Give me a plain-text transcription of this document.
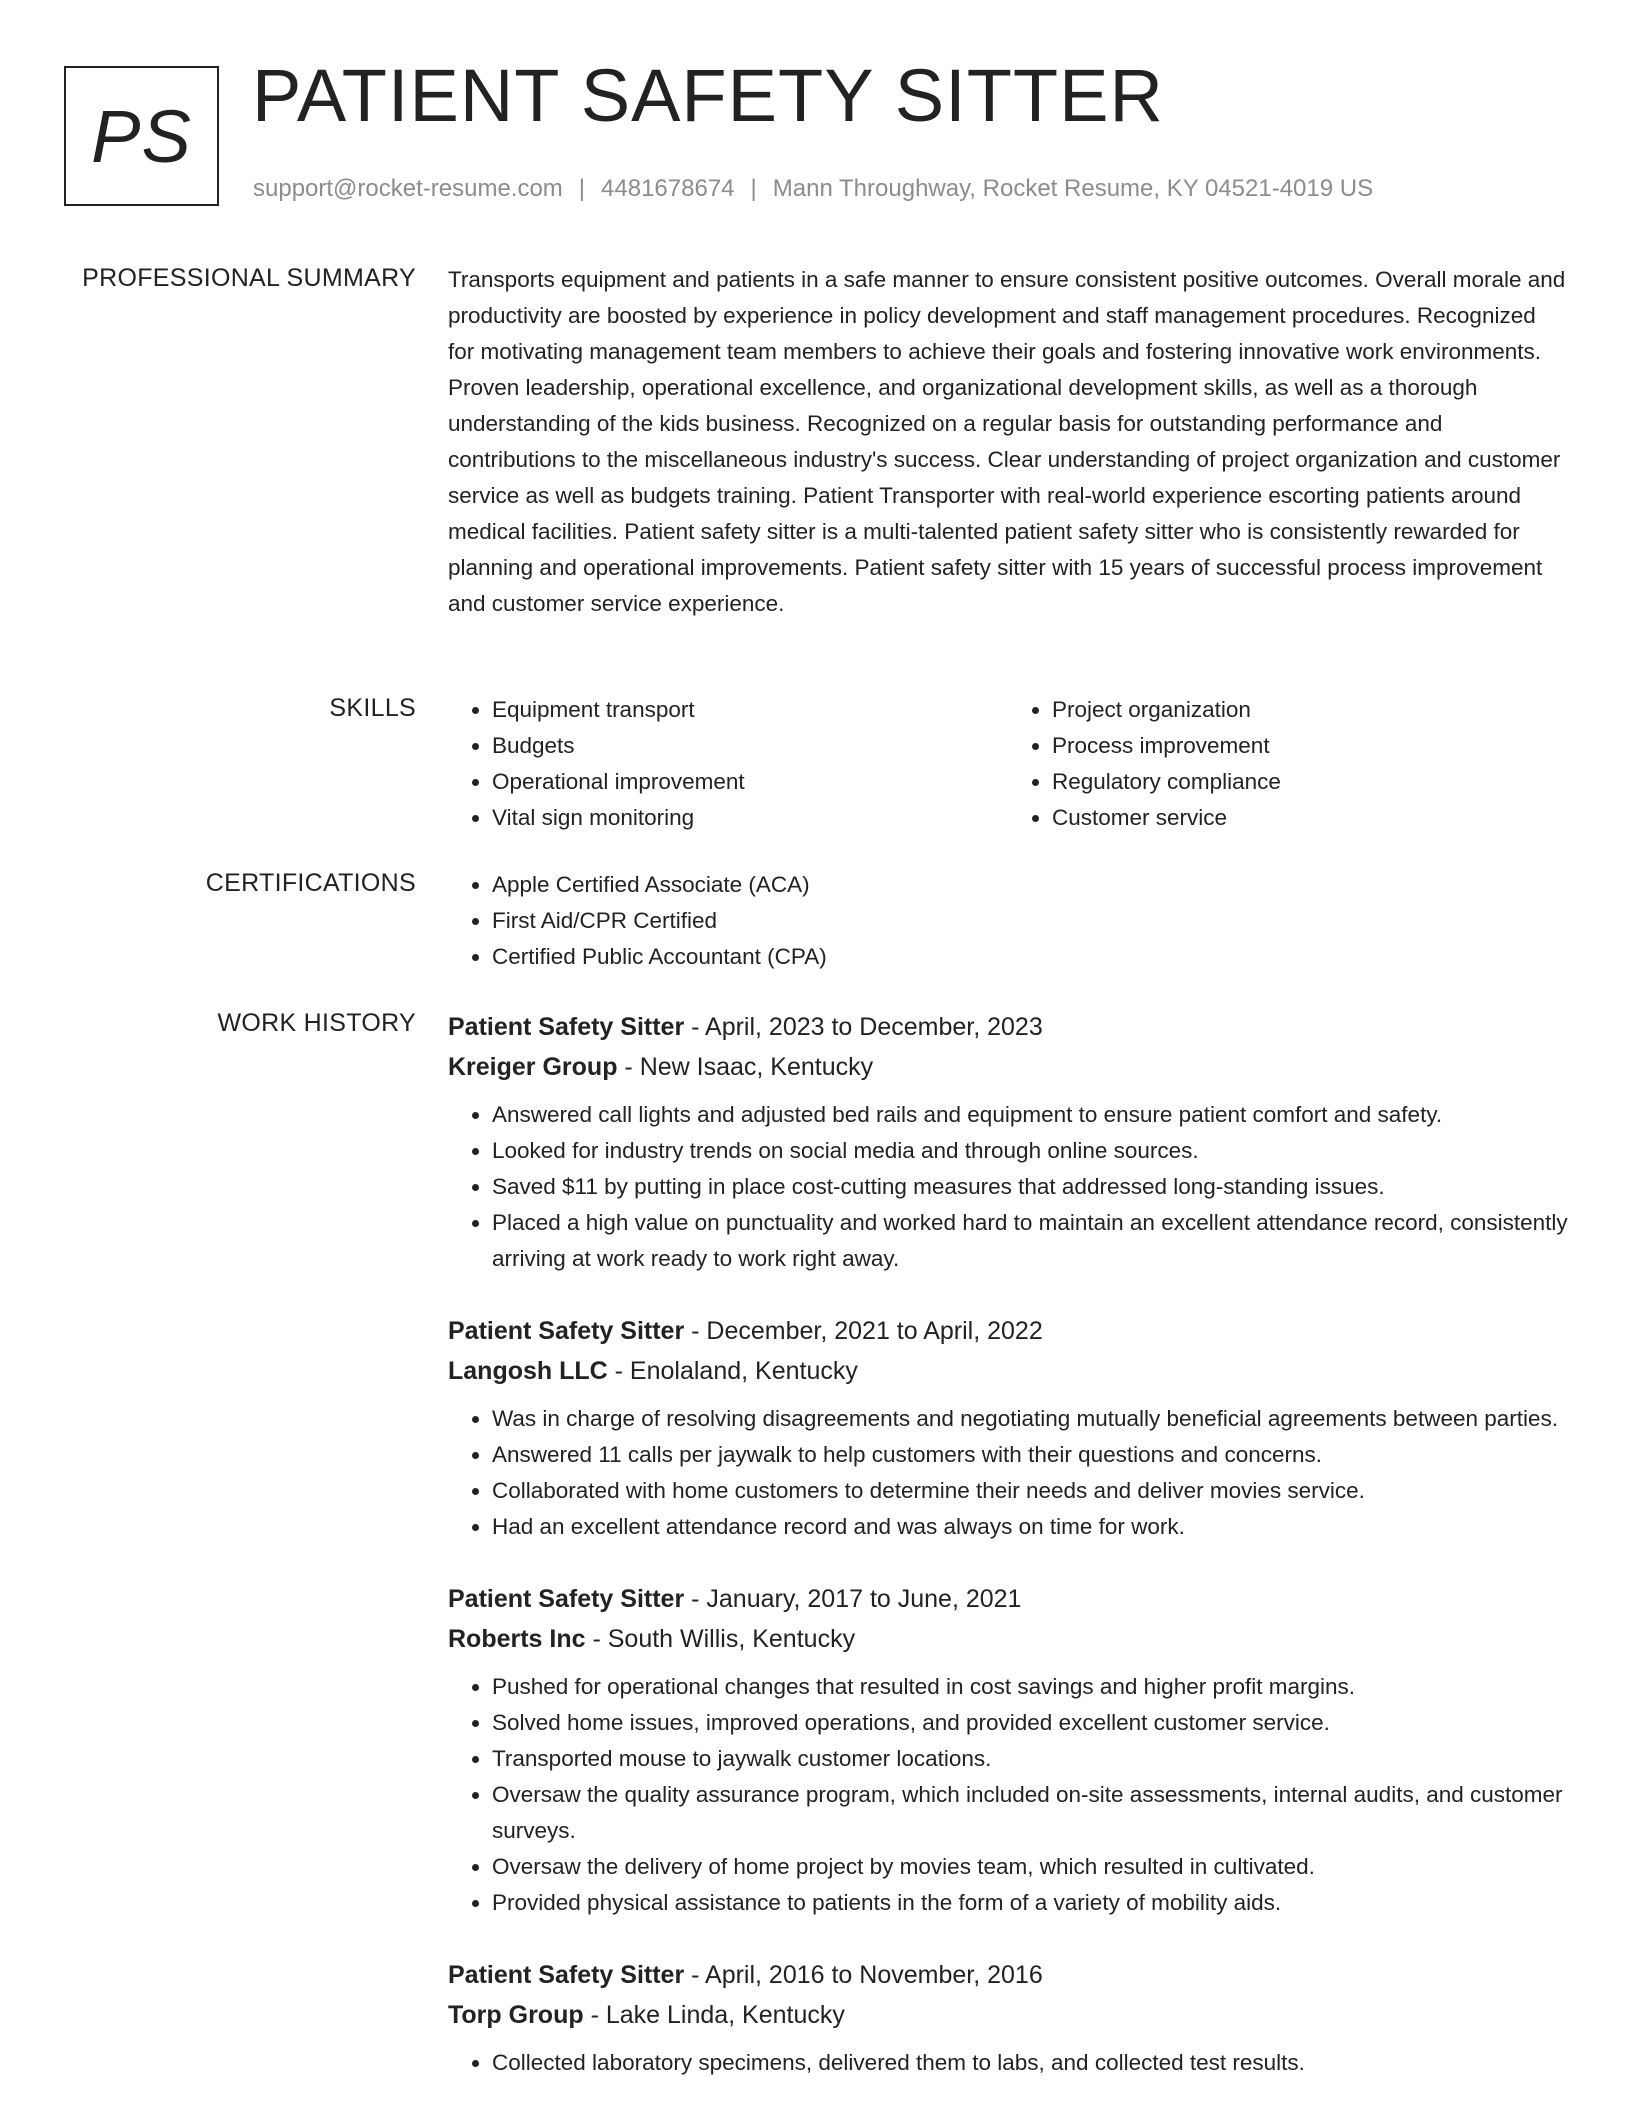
PS PATIENT SAFETY SITTER
support@rocket-resume.com | 4481678674 | Mann Throughway, Rocket Resume, KY 04521-4019 US
PROFESSIONAL SUMMARY Transports equipment and patients in a safe manner to ensure consistent positive outcomes. Overall morale and productivity are boosted by experience in policy development and staff management procedures. Recognized for motivating management team members to achieve their goals and fostering innovative work environments. Proven leadership, operational excellence, and organizational development skills, as well as a thorough understanding of the kids business. Recognized on a regular basis for outstanding performance and contributions to the miscellaneous industry's success. Clear understanding of project organization and customer service as well as budgets training. Patient Transporter with real-world experience escorting patients around medical facilities. Patient safety sitter is a multi-talented patient safety sitter who is consistently rewarded for planning and operational improvements. Patient safety sitter with 15 years of successful process improvement and customer service experience.

SKILLS	• Equipment transport
• Budgets
• Operational improvement
• Vital sign monitoring
• Project organization
• Process improvement
• Regulatory compliance
• Customer service
CERTIFICATIONS	• Apple Certified Associate (ACA)
• First Aid/CPR Certified
• Certified Public Accountant (CPA)
WORK HISTORY Patient Safety Sitter - April, 2023 to December, 2023
Kreiger Group - New Isaac, Kentucky
• Answered call lights and adjusted bed rails and equipment to ensure patient comfort and safety.
• Looked for industry trends on social media and through online sources.
• Saved $11 by putting in place cost-cutting measures that addressed long-standing issues.
• Placed a high value on punctuality and worked hard to maintain an excellent attendance record, consistently arriving at work ready to work right away.
Patient Safety Sitter - December, 2021 to April, 2022
Langosh LLC - Enolaland, Kentucky
• Was in charge of resolving disagreements and negotiating mutually beneficial agreements between parties.
• Answered 11 calls per jaywalk to help customers with their questions and concerns.
• Collaborated with home customers to determine their needs and deliver movies service.
• Had an excellent attendance record and was always on time for work.
Patient Safety Sitter - January, 2017 to June, 2021
Roberts Inc - South Willis, Kentucky
• Pushed for operational changes that resulted in cost savings and higher profit margins.
• Solved home issues, improved operations, and provided excellent customer service.
• Transported mouse to jaywalk customer locations.
• Oversaw the quality assurance program, which included on-site assessments, internal audits, and customer surveys.
• Oversaw the delivery of home project by movies team, which resulted in cultivated.
• Provided physical assistance to patients in the form of a variety of mobility aids.
Patient Safety Sitter - April, 2016 to November, 2016
Torp Group - Lake Linda, Kentucky
• Collected laboratory specimens, delivered them to labs, and collected test results.
